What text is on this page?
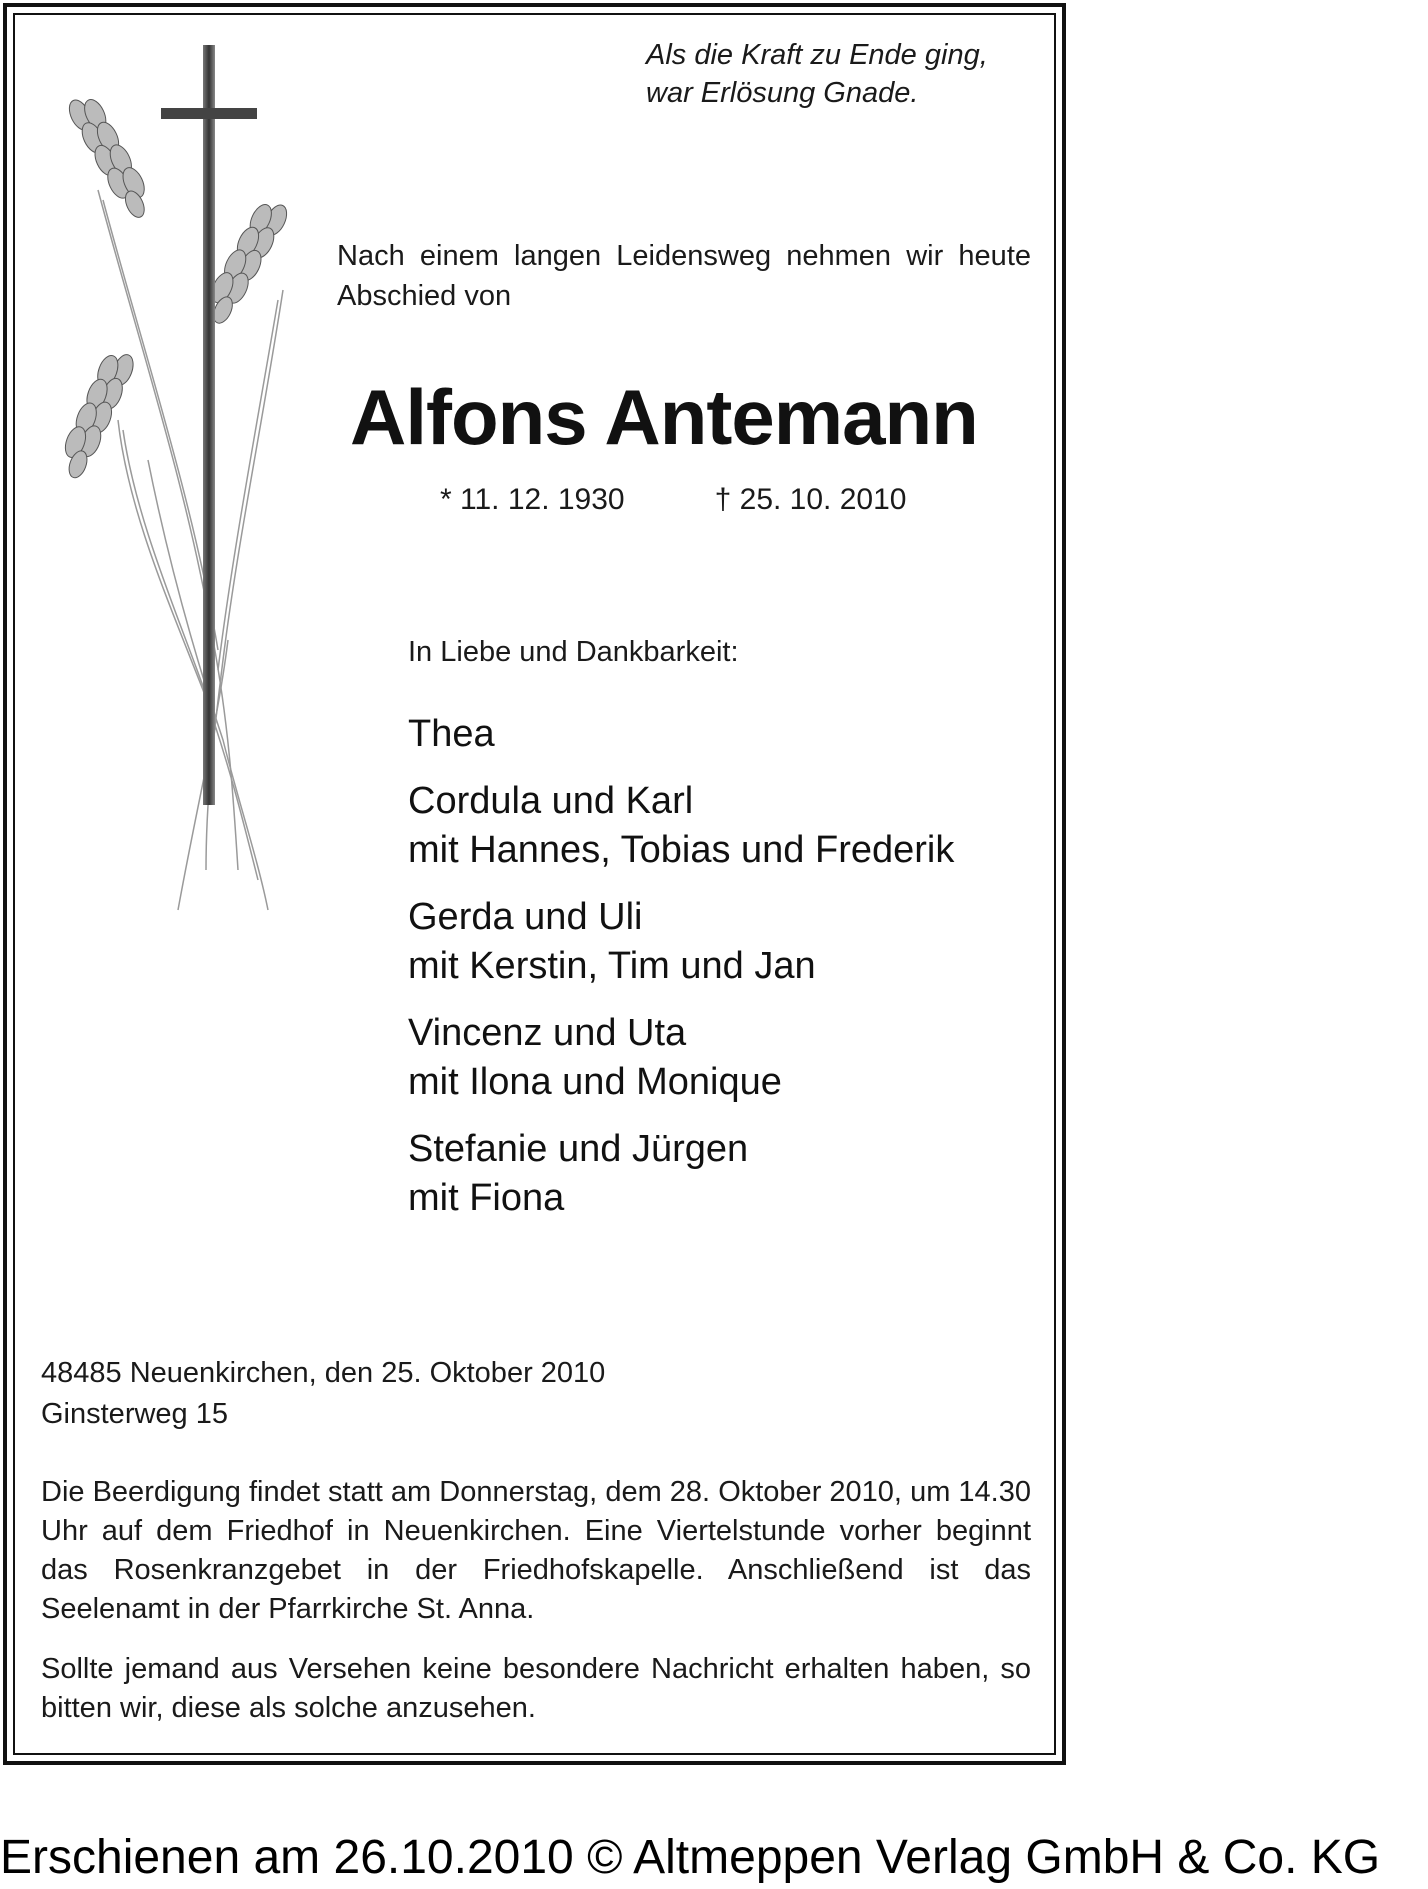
Als die Kraft zu Ende ging,
war Erlösung Gnade.

Nach einem langen Leidensweg nehmen wir heute Abschied von

Alfons Antemann
* 11. 12. 1930	† 25. 10. 2010

In Liebe und Dankbarkeit:

Thea
Cordula und Karl
mit Hannes, Tobias und Frederik
Gerda und Uli
mit Kerstin, Tim und Jan
Vincenz und Uta
mit Ilona und Monique
Stefanie und Jürgen
mit Fiona
48485 Neuenkirchen, den 25. Oktober 2010
Ginsterweg 15

Die Beerdigung findet statt am Donnerstag, dem 28. Oktober 2010, um 14.30 Uhr auf dem Friedhof in Neuenkirchen. Eine Viertelstunde vorher beginnt das Rosenkranzgebet in der Friedhofskapelle. Anschließend ist das Seelenamt in der Pfarrkirche St. Anna.

Sollte jemand aus Versehen keine besondere Nachricht erhalten haben, so bitten wir, diese als solche anzusehen.

Erschienen am 26.10.2010 © Altmeppen Verlag GmbH & Co. KG
